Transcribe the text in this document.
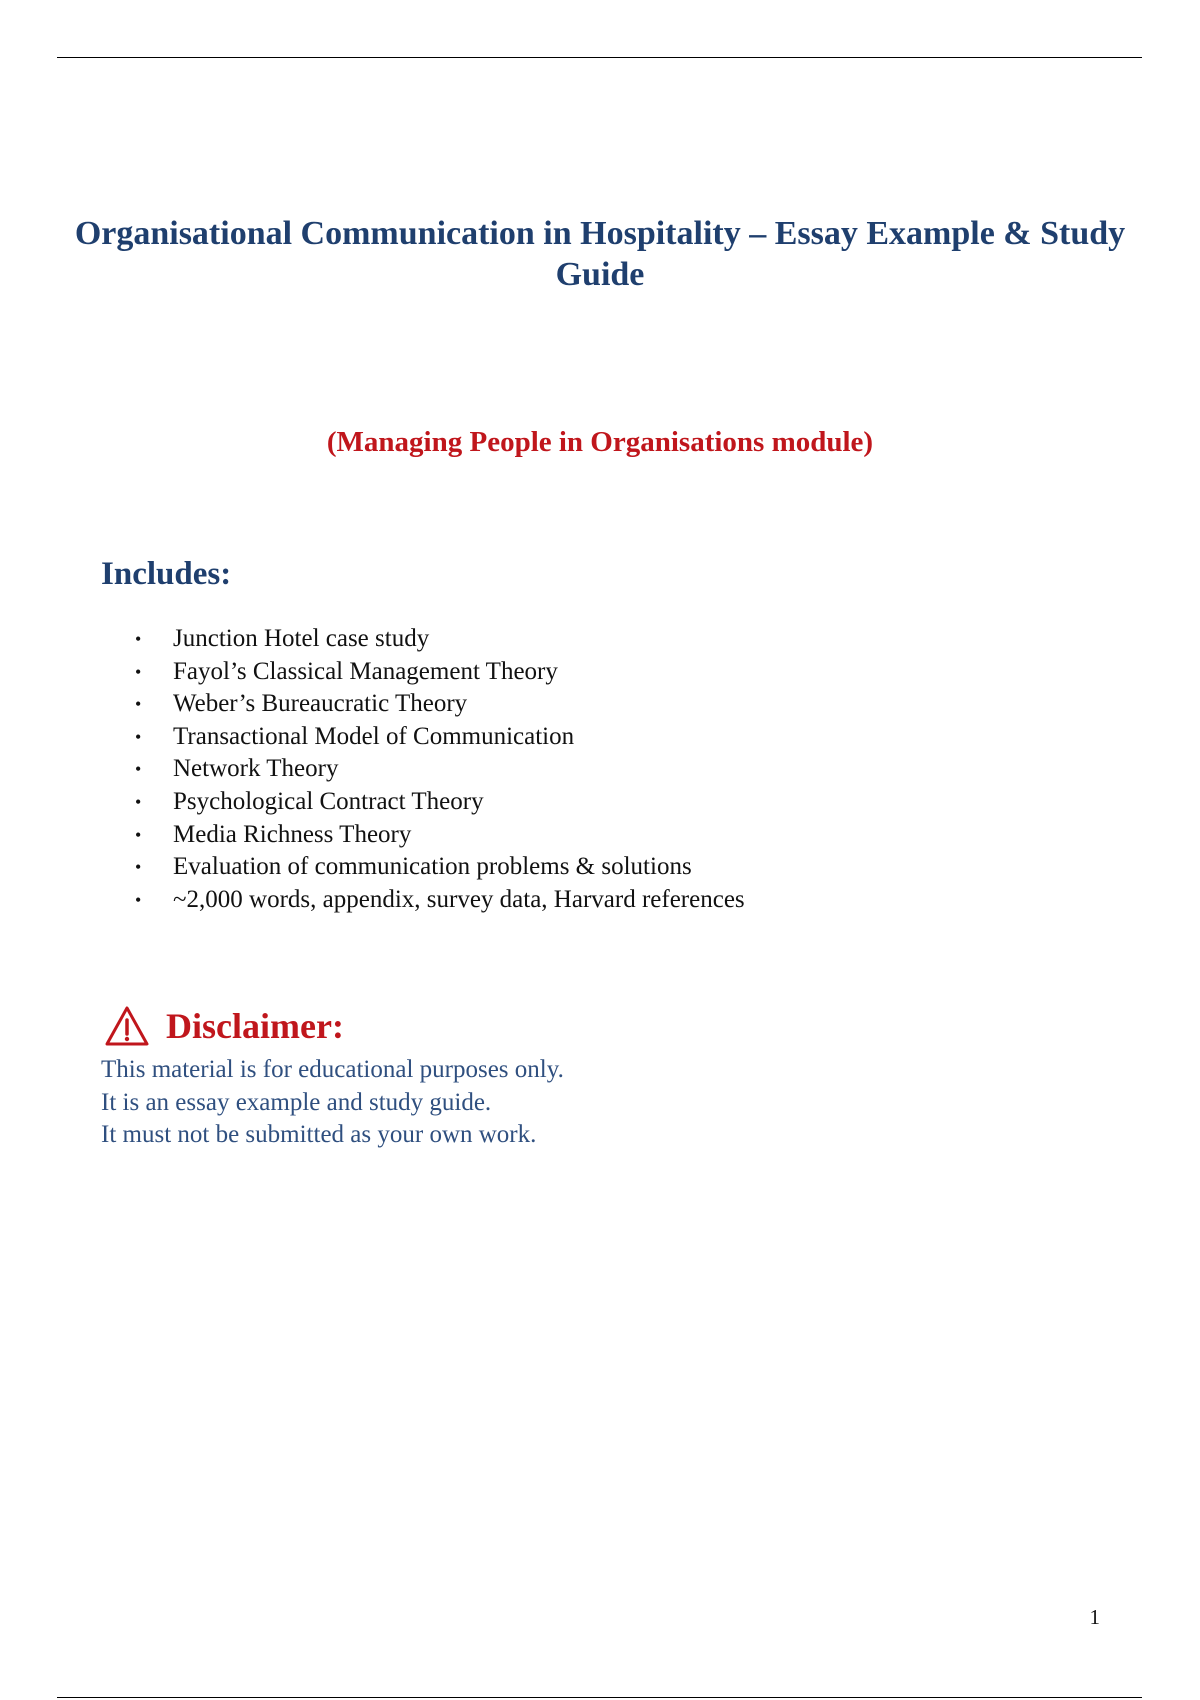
Organisational Communication in Hospitality – Essay Example & Study Guide
(Managing People in Organisations module)
Includes:
• Junction Hotel case study
• Fayol’s Classical Management Theory
• Weber’s Bureaucratic Theory
• Transactional Model of Communication
• Network Theory
• Psychological Contract Theory
• Media Richness Theory
• Evaluation of communication problems & solutions
• ~2,000 words, appendix, survey data, Harvard references
Disclaimer:
This material is for educational purposes only.
It is an essay example and study guide.
It must not be submitted as your own work.
1
